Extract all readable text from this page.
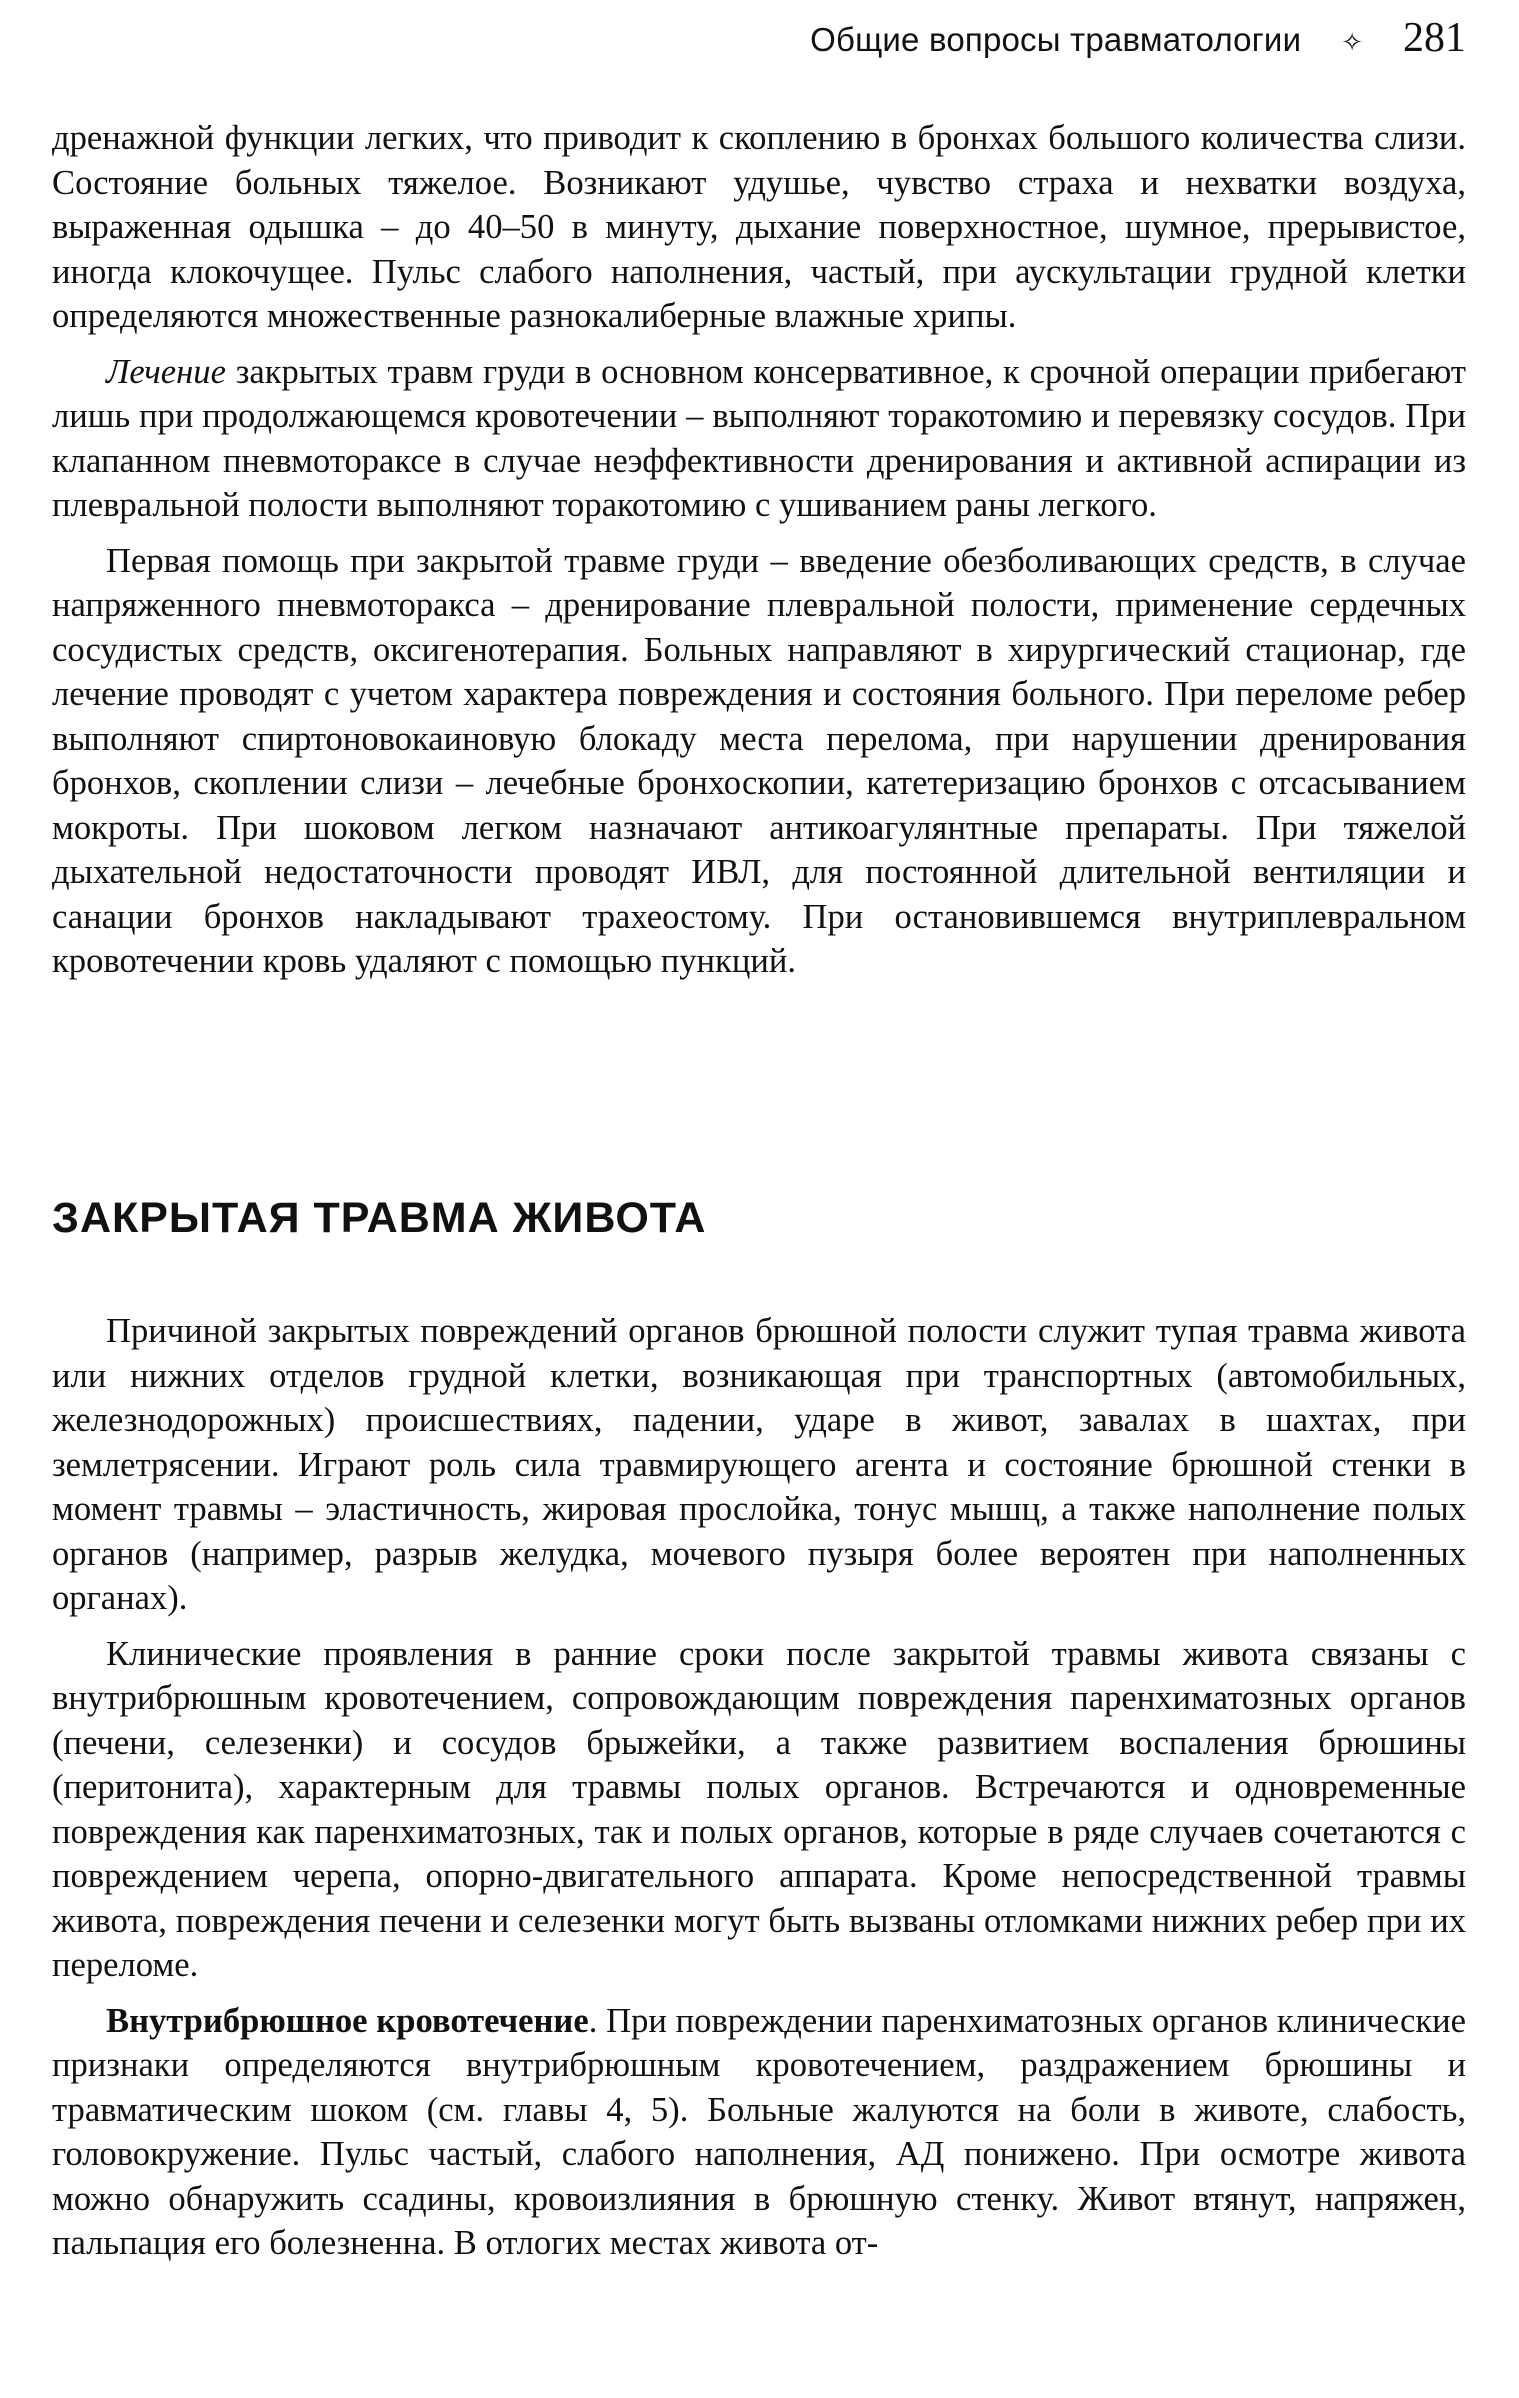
Общие вопросы травматологии ✧ 281

дренажной функции легких, что приводит к скоплению в бронхах большого количества слизи. Состояние больных тяжелое. Возникают удушье, чувство страха и нехватки воздуха, выраженная одышка – до 40–50 в минуту, дыхание поверхностное, шумное, прерывистое, иногда клокочущее. Пульс слабого наполнения, частый, при аускультации грудной клетки определяются множественные разнокалиберные влажные хрипы.

Лечение закрытых травм груди в основном консервативное, к срочной операции прибегают лишь при продолжающемся кровотечении – выполняют торакотомию и перевязку сосудов. При клапанном пневмотораксе в случае неэффективности дренирования и активной аспирации из плевральной полости выполняют торакотомию с ушиванием раны легкого.

Первая помощь при закрытой травме груди – введение обезболивающих средств, в случае напряженного пневмоторакса – дренирование плевральной полости, применение сердечных сосудистых средств, оксигенотерапия. Больных направляют в хирургический стационар, где лечение проводят с учетом характера повреждения и состояния больного. При переломе ребер выполняют спиртоновокаиновую блокаду места перелома, при нарушении дренирования бронхов, скоплении слизи – лечебные бронхоскопии, катетеризацию бронхов с отсасыванием мокроты. При шоковом легком назначают антикоагулянтные препараты. При тяжелой дыхательной недостаточности проводят ИВЛ, для постоянной длительной вентиляции и санации бронхов накладывают трахеостому. При остановившемся внутриплевральном кровотечении кровь удаляют с помощью пункций.

ЗАКРЫТАЯ ТРАВМА ЖИВОТА

Причиной закрытых повреждений органов брюшной полости служит тупая травма живота или нижних отделов грудной клетки, возникающая при транспортных (автомобильных, железнодорожных) происшествиях, падении, ударе в живот, завалах в шахтах, при землетрясении. Играют роль сила травмирующего агента и состояние брюшной стенки в момент травмы – эластичность, жировая прослойка, тонус мышц, а также наполнение полых органов (например, разрыв желудка, мочевого пузыря более вероятен при наполненных органах).

Клинические проявления в ранние сроки после закрытой травмы живота связаны с внутрибрюшным кровотечением, сопровождающим повреждения паренхиматозных органов (печени, селезенки) и сосудов брыжейки, а также развитием воспаления брюшины (перитонита), характерным для травмы полых органов. Встречаются и одновременные повреждения как паренхиматозных, так и полых органов, которые в ряде случаев сочетаются с повреждением черепа, опорно-двигательного аппарата. Кроме непосредственной травмы живота, повреждения печени и селезенки могут быть вызваны отломками нижних ребер при их переломе.

Внутрибрюшное кровотечение. При повреждении паренхиматозных органов клинические признаки определяются внутрибрюшным кровотечением, раздражением брюшины и травматическим шоком (см. главы 4, 5). Больные жалуются на боли в животе, слабость, головокружение. Пульс частый, слабого наполнения, АД понижено. При осмотре живота можно обнаружить ссадины, кровоизлияния в брюшную стенку. Живот втянут, напряжен, пальпация его болезненна. В отлогих местах живота от-
